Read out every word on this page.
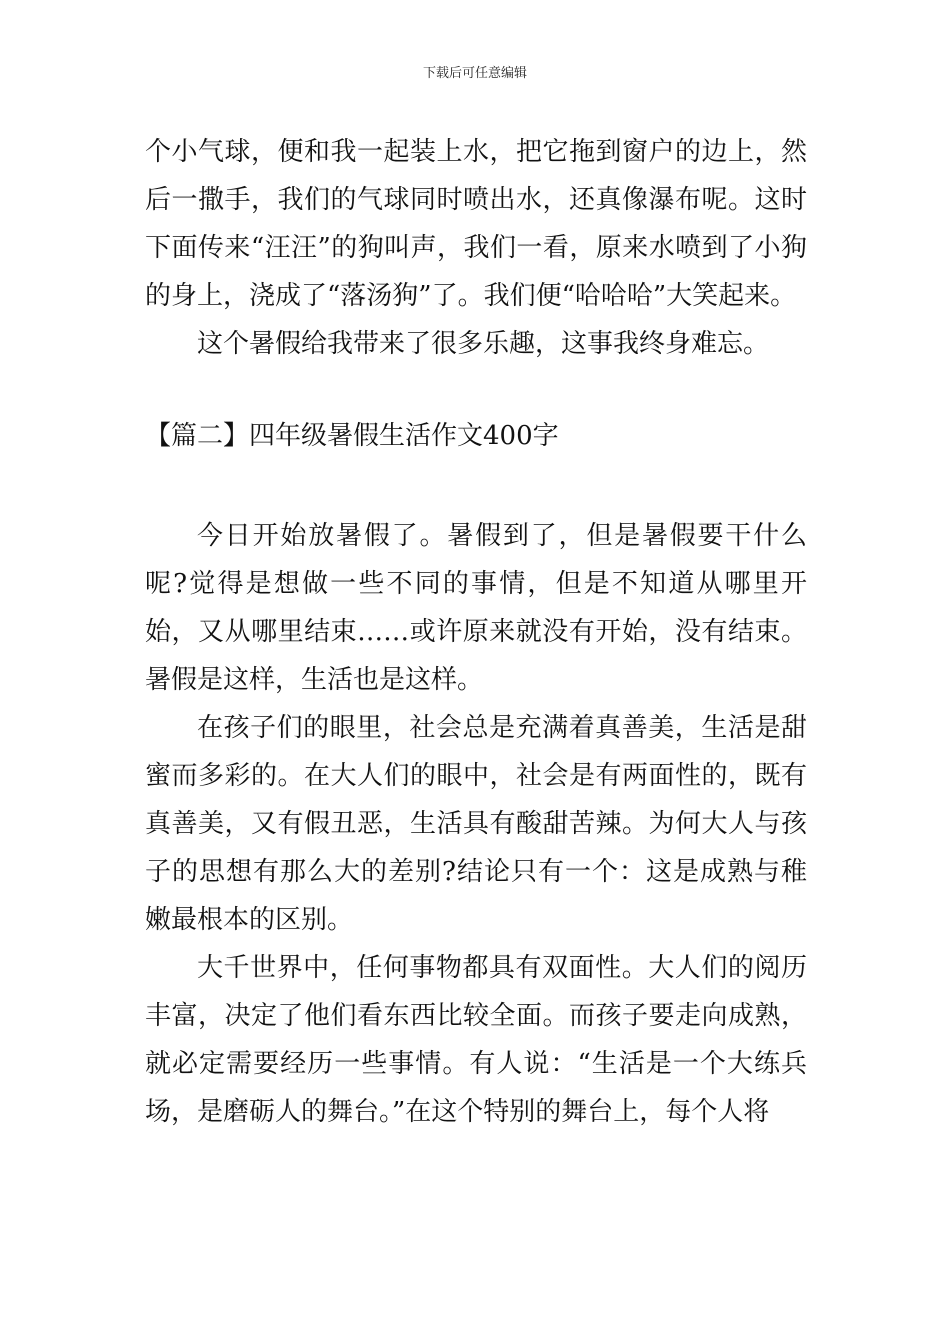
下载后可任意编辑

个小气球，便和我一起装上水，把它拖到窗户的边上，然后一撒手，我们的气球同时喷出水，还真像瀑布呢。这时下面传来“汪汪”的狗叫声，我们一看，原来水喷到了小狗的身上，浇成了“落汤狗”了。我们便“哈哈哈”大笑起来。

这个暑假给我带来了很多乐趣，这事我终身难忘。

【篇二】四年级暑假生活作文400字

今日开始放暑假了。暑假到了，但是暑假要干什么呢?觉得是想做一些不同的事情，但是不知道从哪里开始，又从哪里结束……或许原来就没有开始，没有结束。暑假是这样，生活也是这样。

在孩子们的眼里，社会总是充满着真善美，生活是甜蜜而多彩的。在大人们的眼中，社会是有两面性的，既有真善美，又有假丑恶，生活具有酸甜苦辣。为何大人与孩子的思想有那么大的差别?结论只有一个：这是成熟与稚嫩最根本的区别。

大千世界中，任何事物都具有双面性。大人们的阅历丰富，决定了他们看东西比较全面。而孩子要走向成熟，就必定需要经历一些事情。有人说：“生活是一个大练兵场，是磨砺人的舞台。”在这个特别的舞台上，每个人将
